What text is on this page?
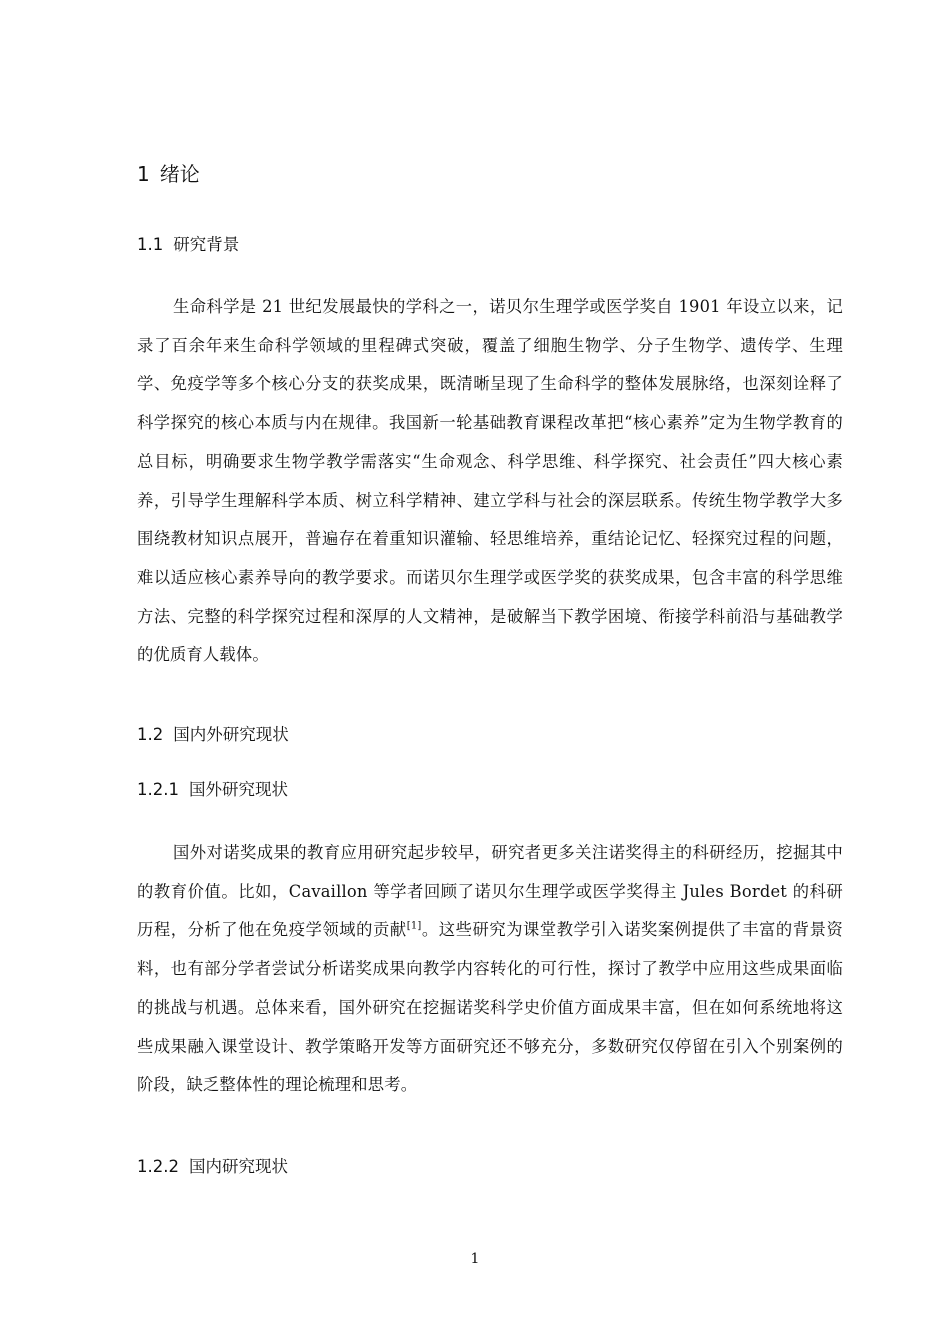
1 绪论
1.1 研究背景

生命科学是 21 世纪发展最快的学科之一，诺贝尔生理学或医学奖自 1901 年设立以来，记录了百余年来生命科学领域的里程碑式突破，覆盖了细胞生物学、分子生物学、遗传学、生理学、免疫学等多个核心分支的获奖成果，既清晰呈现了生命科学的整体发展脉络，也深刻诠释了科学探究的核心本质与内在规律。我国新一轮基础教育课程改革把“核心素养”定为生物学教育的总目标，明确要求生物学教学需落实“生命观念、科学思维、科学探究、社会责任”四大核心素养，引导学生理解科学本质、树立科学精神、建立学科与社会的深层联系。传统生物学教学大多围绕教材知识点展开，普遍存在着重知识灌输、轻思维培养，重结论记忆、轻探究过程的问题，难以适应核心素养导向的教学要求。而诺贝尔生理学或医学奖的获奖成果，包含丰富的科学思维方法、完整的科学探究过程和深厚的人文精神，是破解当下教学困境、衔接学科前沿与基础教学的优质育人载体。

1.2 国内外研究现状
1.2.1 国外研究现状

国外对诺奖成果的教育应用研究起步较早，研究者更多关注诺奖得主的科研经历，挖掘其中的教育价值。比如，Cavaillon 等学者回顾了诺贝尔生理学或医学奖得主 Jules Bordet 的科研历程，分析了他在免疫学领域的贡献[1]。这些研究为课堂教学引入诺奖案例提供了丰富的背景资料，也有部分学者尝试分析诺奖成果向教学内容转化的可行性，探讨了教学中应用这些成果面临的挑战与机遇。总体来看，国外研究在挖掘诺奖科学史价值方面成果丰富，但在如何系统地将这些成果融入课堂设计、教学策略开发等方面研究还不够充分，多数研究仅停留在引入个别案例的阶段，缺乏整体性的理论梳理和思考。

1.2.2 国内研究现状
1
